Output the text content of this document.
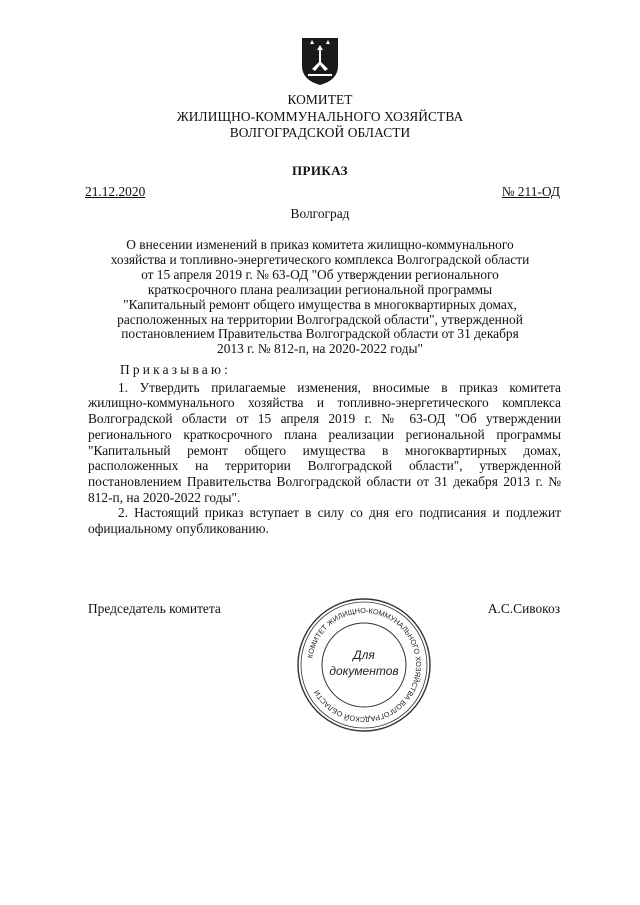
КОМИТЕТ
ЖИЛИЩНО-КОММУНАЛЬНОГО ХОЗЯЙСТВА
ВОЛГОГРАДСКОЙ ОБЛАСТИ
ПРИКАЗ
21.12.2020	№ 211-ОД
Волгоград
О внесении изменений в приказ комитета жилищно-коммунального
хозяйства и топливно-энергетического комплекса Волгоградской области
от 15 апреля 2019 г. № 63-ОД "Об утверждении регионального
краткосрочного плана реализации региональной программы
"Капитальный ремонт общего имущества в многоквартирных домах,
расположенных на территории Волгоградской области", утвержденной
постановлением Правительства Волгоградской области от 31 декабря
2013 г. № 812-п, на 2020-2022 годы"

Приказываю:

1. Утвердить прилагаемые изменения, вносимые в приказ комитета жилищно-коммунального хозяйства и топливно-энергетического комплекса Волгоградской области от 15 апреля 2019 г. № 63-ОД "Об утверждении регионального краткосрочного плана реализации региональной программы "Капитальный ремонт общего имущества в многоквартирных домах, расположенных на территории Волгоградской области", утвержденной постановлением Правительства Волгоградской области от 31 декабря 2013 г. № 812-п, на 2020-2022 годы".

2. Настоящий приказ вступает в силу со дня его подписания и подлежит официальному опубликованию.

Председатель комитета	А.С.Сивокоз
КОМИТЕТ ЖИЛИЩНО-КОММУНАЛЬНОГО ХОЗЯЙСТВА ВОЛГОГРАДСКОЙ ОБЛАСТИ
Для
документов
